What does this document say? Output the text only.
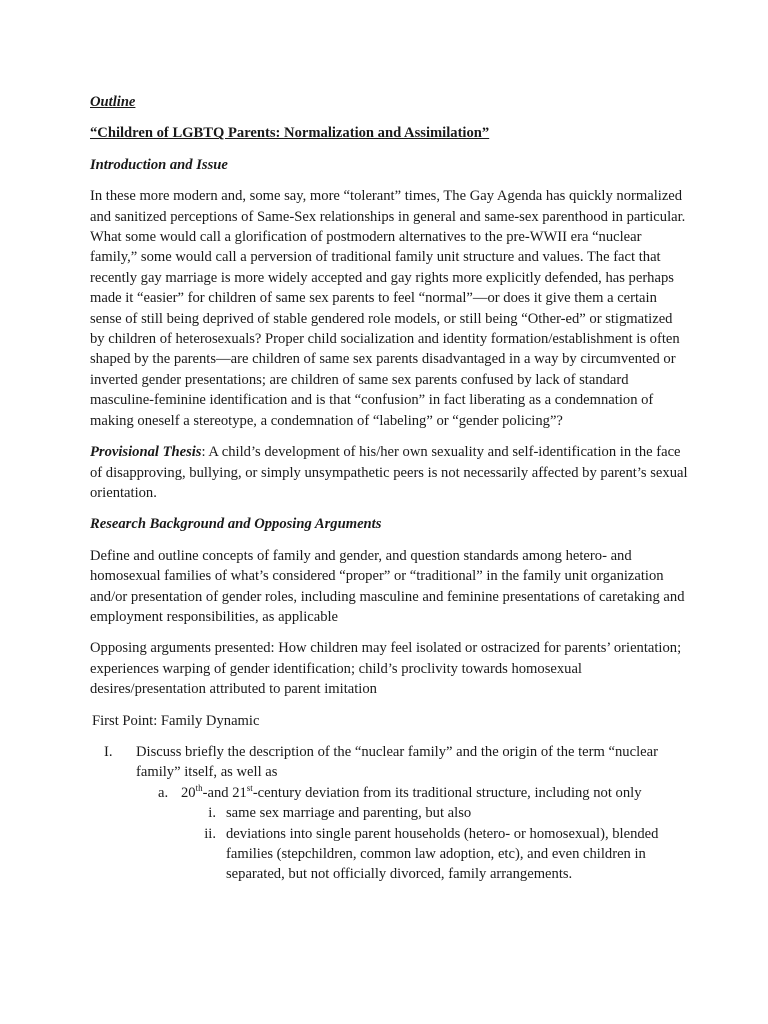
Outline
“Children of LGBTQ Parents: Normalization and Assimilation”
Introduction and Issue

In these more modern and, some say, more “tolerant” times, The Gay Agenda has quickly normalized and sanitized perceptions of Same-Sex relationships in general and same-sex parenthood in particular. What some would call a glorification of postmodern alternatives to the pre-WWII era “nuclear family,” some would call a perversion of traditional family unit structure and values. The fact that recently gay marriage is more widely accepted and gay rights more explicitly defended, has perhaps made it “easier” for children of same sex parents to feel “normal”—or does it give them a certain sense of still being deprived of stable gendered role models, or still being “Other-ed” or stigmatized by children of heterosexuals? Proper child socialization and identity formation/establishment is often shaped by the parents—are children of same sex parents disadvantaged in a way by circumvented or inverted gender presentations; are children of same sex parents confused by lack of standard masculine-feminine identification and is that “confusion” in fact liberating as a condemnation of making oneself a stereotype, a condemnation of “labeling” or “gender policing”?

Provisional Thesis: A child’s development of his/her own sexuality and self-identification in the face of disapproving, bullying, or simply unsympathetic peers is not necessarily affected by parent’s sexual orientation.

Research Background and Opposing Arguments

Define and outline concepts of family and gender, and question standards among hetero- and homosexual families of what’s considered “proper” or “traditional” in the family unit organization and/or presentation of gender roles, including masculine and feminine presentations of caretaking and employment responsibilities, as applicable

Opposing arguments presented: How children may feel isolated or ostracized for parents’ orientation; experiences warping of gender identification; child’s proclivity towards homosexual desires/presentation attributed to parent imitation

First Point: Family Dynamic
I. Discuss briefly the description of the “nuclear family” and the origin of the term “nuclear family” itself, as well as
a. 20th-and 21st-century deviation from its traditional structure, including not only
i. same sex marriage and parenting, but also
ii. deviations into single parent households (hetero- or homosexual), blended families (stepchildren, common law adoption, etc), and even children in separated, but not officially divorced, family arrangements.
